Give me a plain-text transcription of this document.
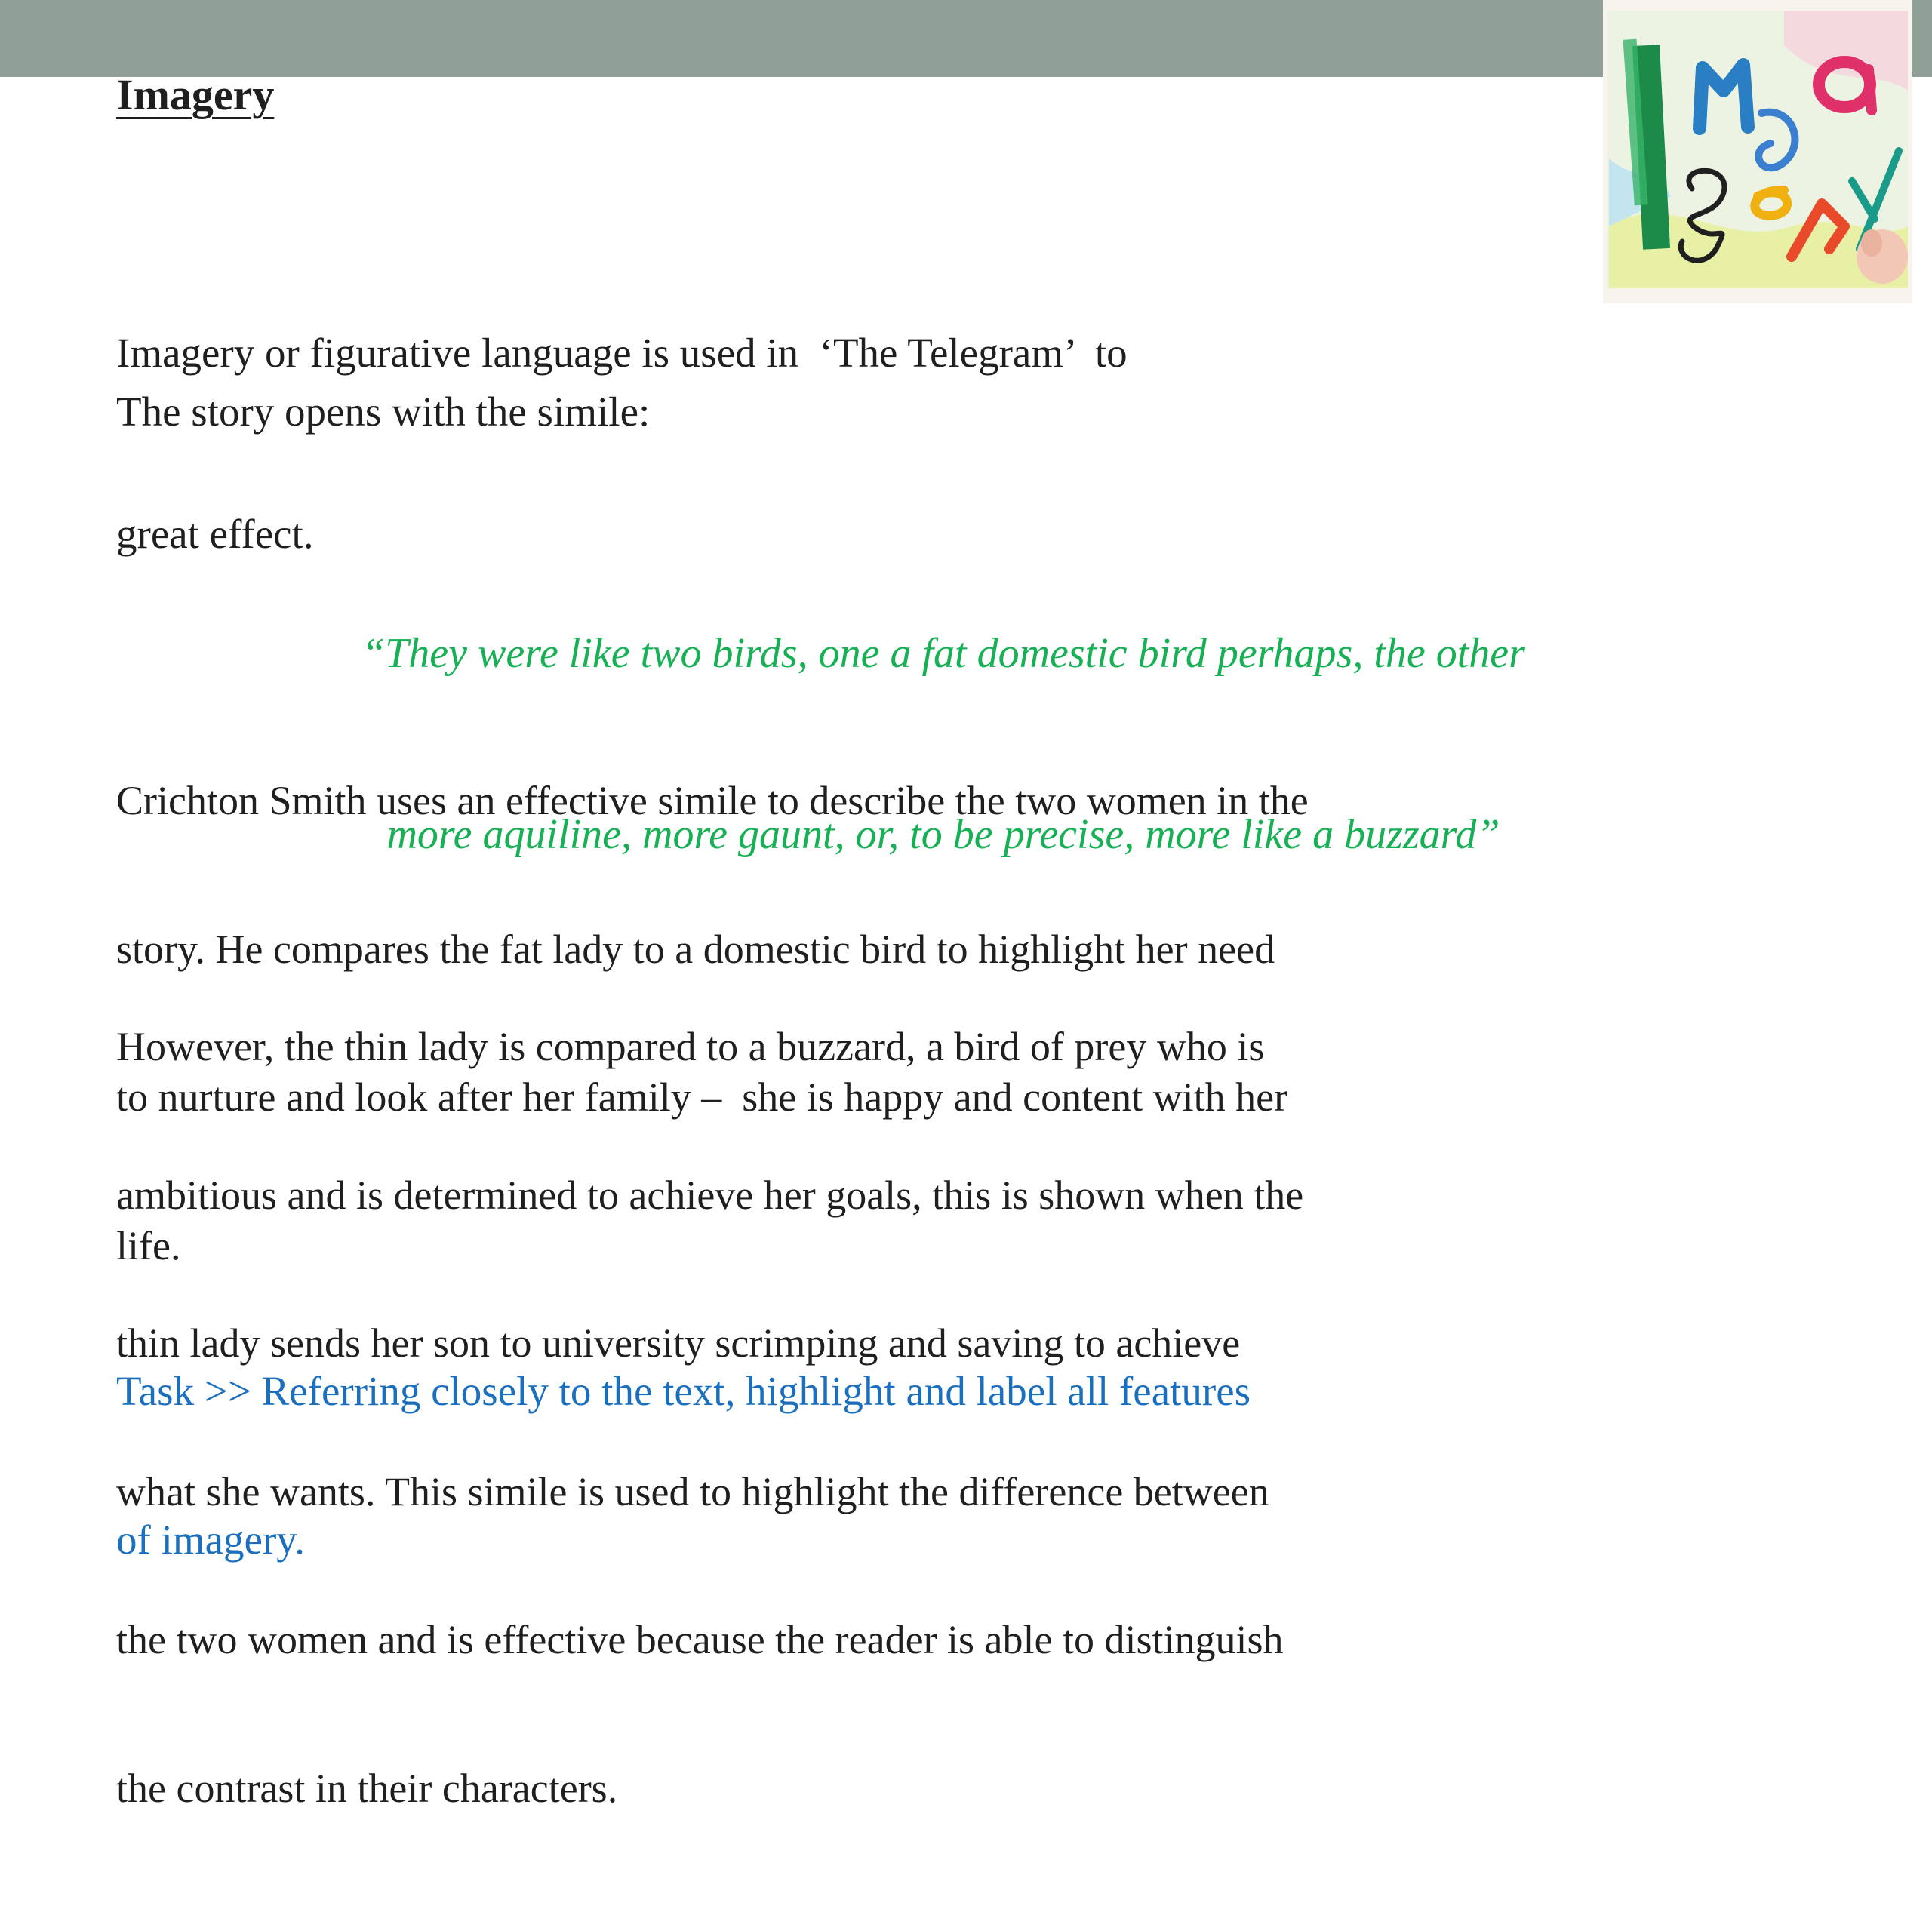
Imagery

Imagery or figurative language is used in  ‘The Telegram’  to

great effect.

The story opens with the simile:

“They were like two birds, one a fat domestic bird perhaps, the other

more aquiline, more gaunt, or, to be precise, more like a buzzard”

Crichton Smith uses an effective simile to describe the two women in the

story. He compares the fat lady to a domestic bird to highlight her need

to nurture and look after her family –  she is happy and content with her

life.

However, the thin lady is compared to a buzzard, a bird of prey who is

ambitious and is determined to achieve her goals, this is shown when the

thin lady sends her son to university scrimping and saving to achieve

what she wants. This simile is used to highlight the difference between

the two women and is effective because the reader is able to distinguish

the contrast in their characters.

Task >> Referring closely to the text, highlight and label all features

of imagery.
